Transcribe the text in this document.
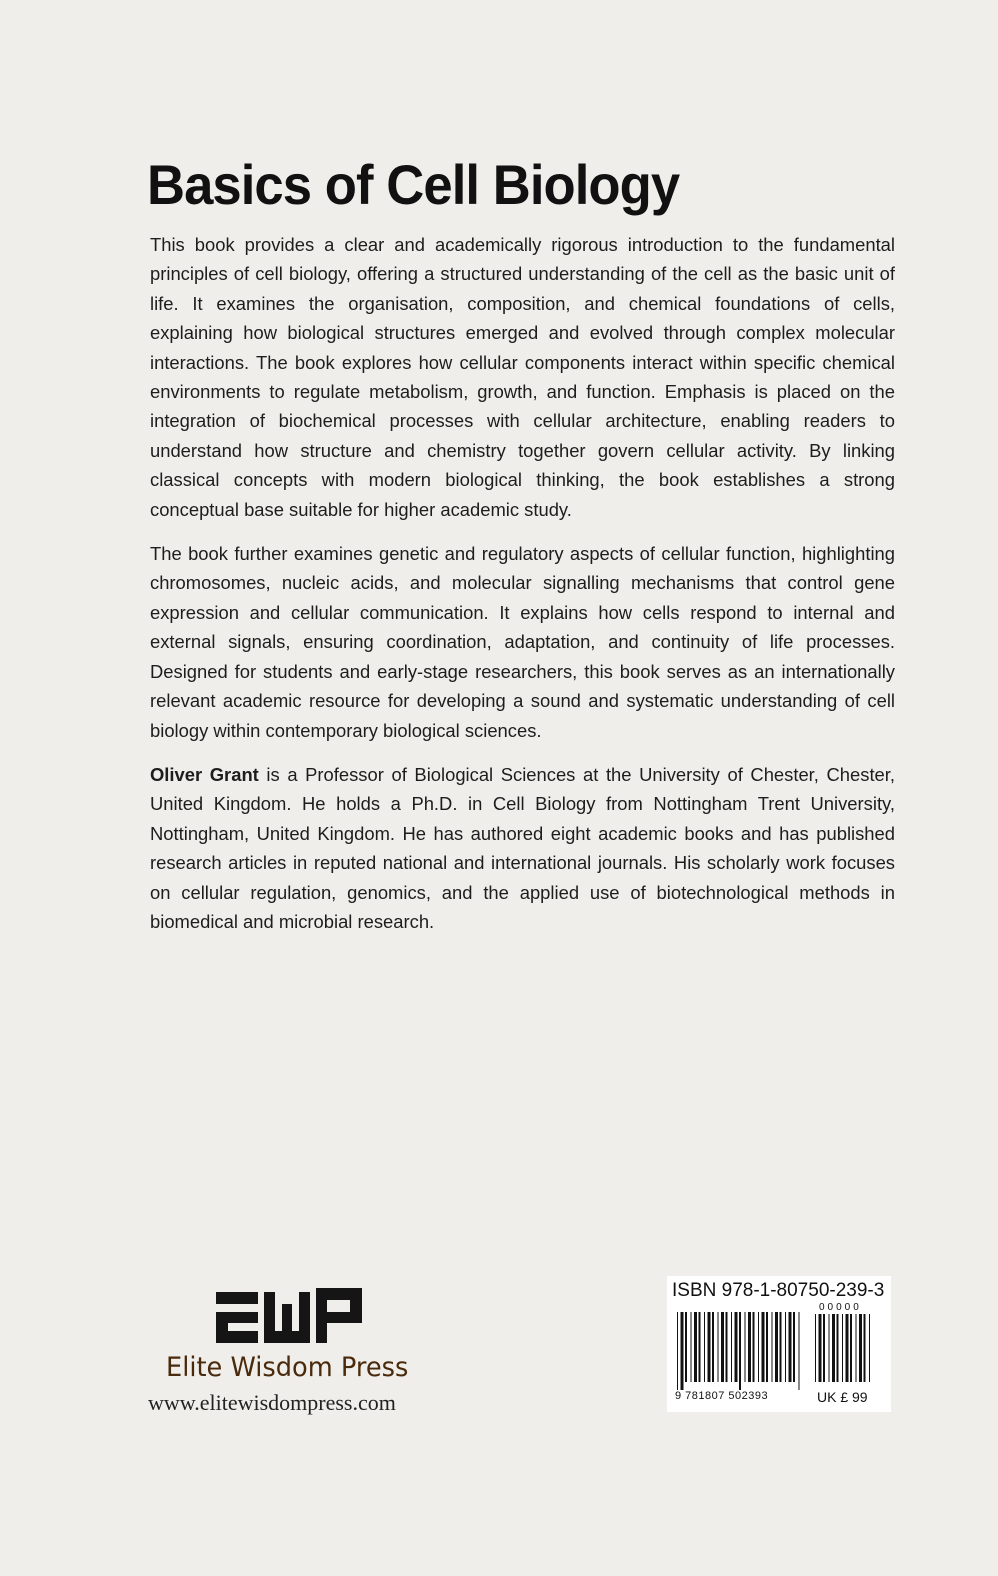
Basics of Cell Biology

This book provides a clear and academically rigorous introduction to the fundamental principles of cell biology, offering a structured understanding of the cell as the basic unit of life. It examines the organisation, composition, and chemical foundations of cells, explaining how biological structures emerged and evolved through complex molecular interactions. The book explores how cellular components interact within specific chemical environments to regulate metabolism, growth, and function. Emphasis is placed on the integration of biochemical processes with cellular architecture, enabling readers to understand how structure and chemistry together govern cellular activity. By linking classical concepts with modern biological thinking, the book establishes a strong conceptual base suitable for higher academic study.

The book further examines genetic and regulatory aspects of cellular function, highlighting chromosomes, nucleic acids, and molecular signalling mechanisms that control gene expression and cellular communication. It explains how cells respond to internal and external signals, ensuring coordination, adaptation, and continuity of life processes. Designed for students and early-stage researchers, this book serves as an internationally relevant academic resource for developing a sound and systematic understanding of cell biology within contemporary biological sciences.

Oliver Grant is a Professor of Biological Sciences at the University of Chester, Chester, United Kingdom. He holds a Ph.D. in Cell Biology from Nottingham Trent University, Nottingham, United Kingdom. He has authored eight academic books and has published research articles in reputed national and international journals. His scholarly work focuses on cellular regulation, genomics, and the applied use of biotechnological methods in biomedical and microbial research.

Elite Wisdom Press
www.elitewisdompress.com
ISBN 978-1-80750-239-3
00000
9 781807 502393	UK £ 99
